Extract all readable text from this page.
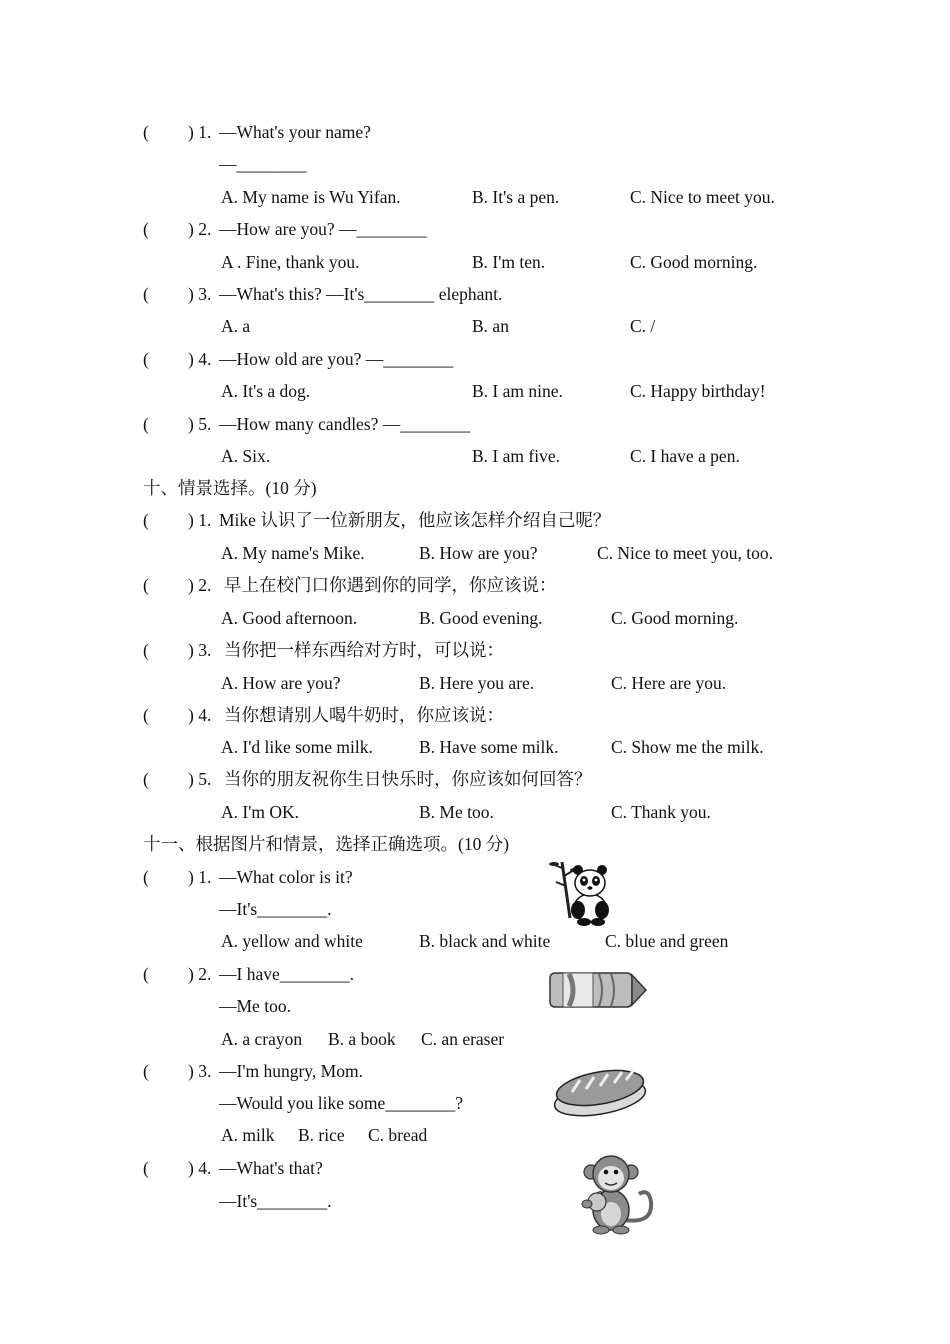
( ) 1. —What's your name?
—________
A. My name is Wu Yifan.	B. It's a pen.	C. Nice to meet you.
( ) 2. —How are you? —________
A . Fine, thank you.	B. I'm ten.	C. Good morning.
( ) 3. —What's this? —It's________ elephant.
A. a	B. an	C. /
( ) 4. —How old are you? —________
A. It's a dog.	B. I am nine.	C. Happy birthday!
( ) 5. —How many candles? —________
A. Six.	B. I am five.	C. I have a pen.
十、情景选择。(10 分)
( ) 1. Mike 认识了一位新朋友，他应该怎样介绍自己呢？
A. My name's Mike.	B. How are you?	C. Nice to meet you, too.
( ) 2. 早上在校门口你遇到你的同学，你应该说：
A. Good afternoon.	B. Good evening.	C. Good morning.
( ) 3. 当你把一样东西给对方时，可以说：
A. How are you?	B. Here you are.	C. Here are you.
( ) 4. 当你想请别人喝牛奶时，你应该说：
A. I'd like some milk.	B. Have some milk.	C. Show me the milk.
( ) 5. 当你的朋友祝你生日快乐时，你应该如何回答？
A. I'm OK.	B. Me too.	C. Thank you.
十一、根据图片和情景，选择正确选项。(10 分)
( ) 1. —What color is it?
—It's________.
A. yellow and white	B. black and white	C. blue and green
( ) 2. —I have________.
—Me too.
A. a crayon B. a book C. an eraser
( ) 3. —I'm hungry, Mom.
—Would you like some________?
A. milk B. rice C. bread
( ) 4. —What's that?
—It's________.
